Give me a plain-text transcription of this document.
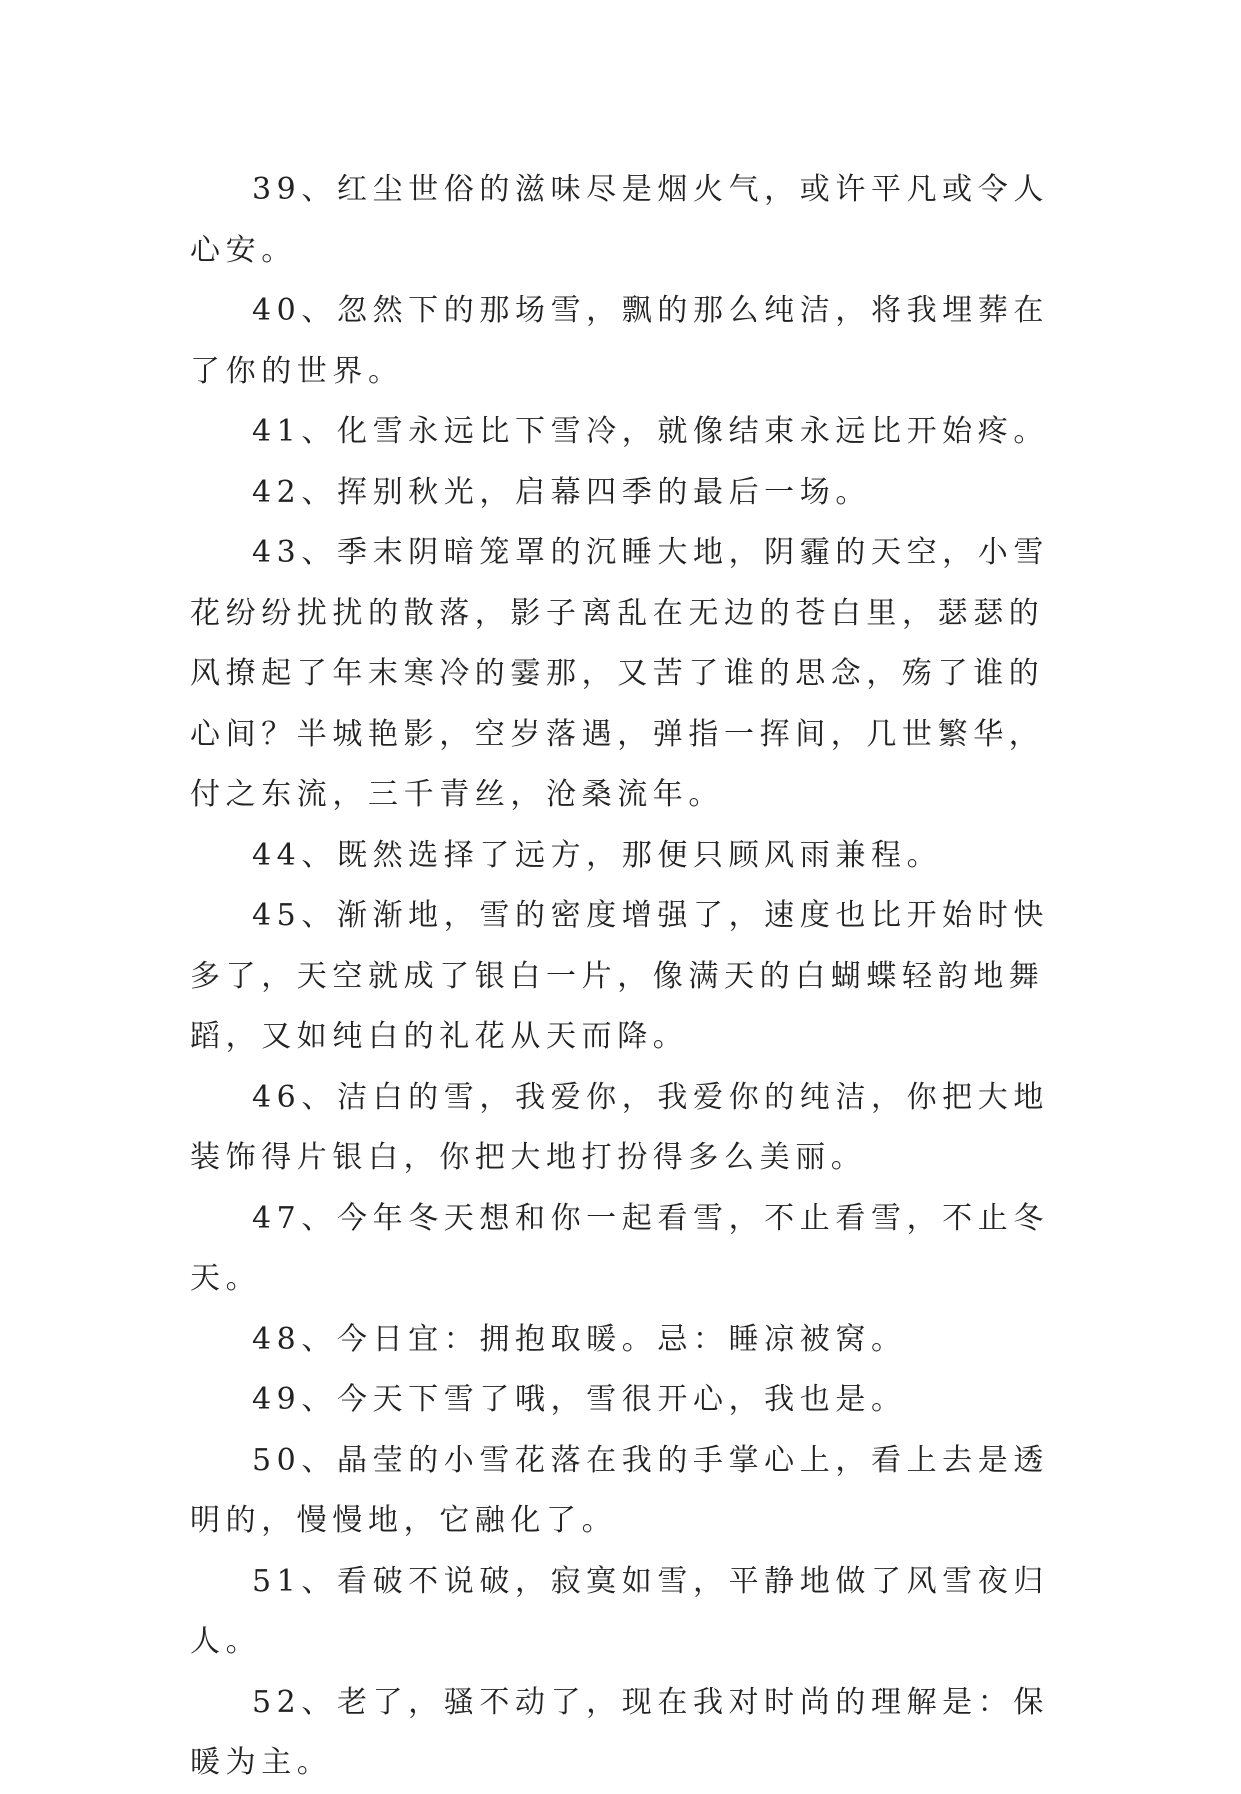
39、红尘世俗的滋味尽是烟火气，或许平凡或令人心安。

40、忽然下的那场雪，飘的那么纯洁，将我埋葬在了你的世界。

41、化雪永远比下雪冷，就像结束永远比开始疼。

42、挥别秋光，启幕四季的最后一场。

43、季末阴暗笼罩的沉睡大地，阴霾的天空，小雪花纷纷扰扰的散落，影子离乱在无边的苍白里，瑟瑟的风撩起了年末寒冷的霎那，又苦了谁的思念，殇了谁的心间？半城艳影，空岁落遇，弹指一挥间，几世繁华，付之东流，三千青丝，沧桑流年。

44、既然选择了远方，那便只顾风雨兼程。

45、渐渐地，雪的密度增强了，速度也比开始时快多了，天空就成了银白一片，像满天的白蝴蝶轻韵地舞蹈，又如纯白的礼花从天而降。

46、洁白的雪，我爱你，我爱你的纯洁，你把大地装饰得片银白，你把大地打扮得多么美丽。

47、今年冬天想和你一起看雪，不止看雪，不止冬天。

48、今日宜：拥抱取暖。忌：睡凉被窝。

49、今天下雪了哦，雪很开心，我也是。

50、晶莹的小雪花落在我的手掌心上，看上去是透明的，慢慢地，它融化了。

51、看破不说破，寂寞如雪，平静地做了风雪夜归人。

52、老了，骚不动了，现在我对时尚的理解是：保暖为主。
